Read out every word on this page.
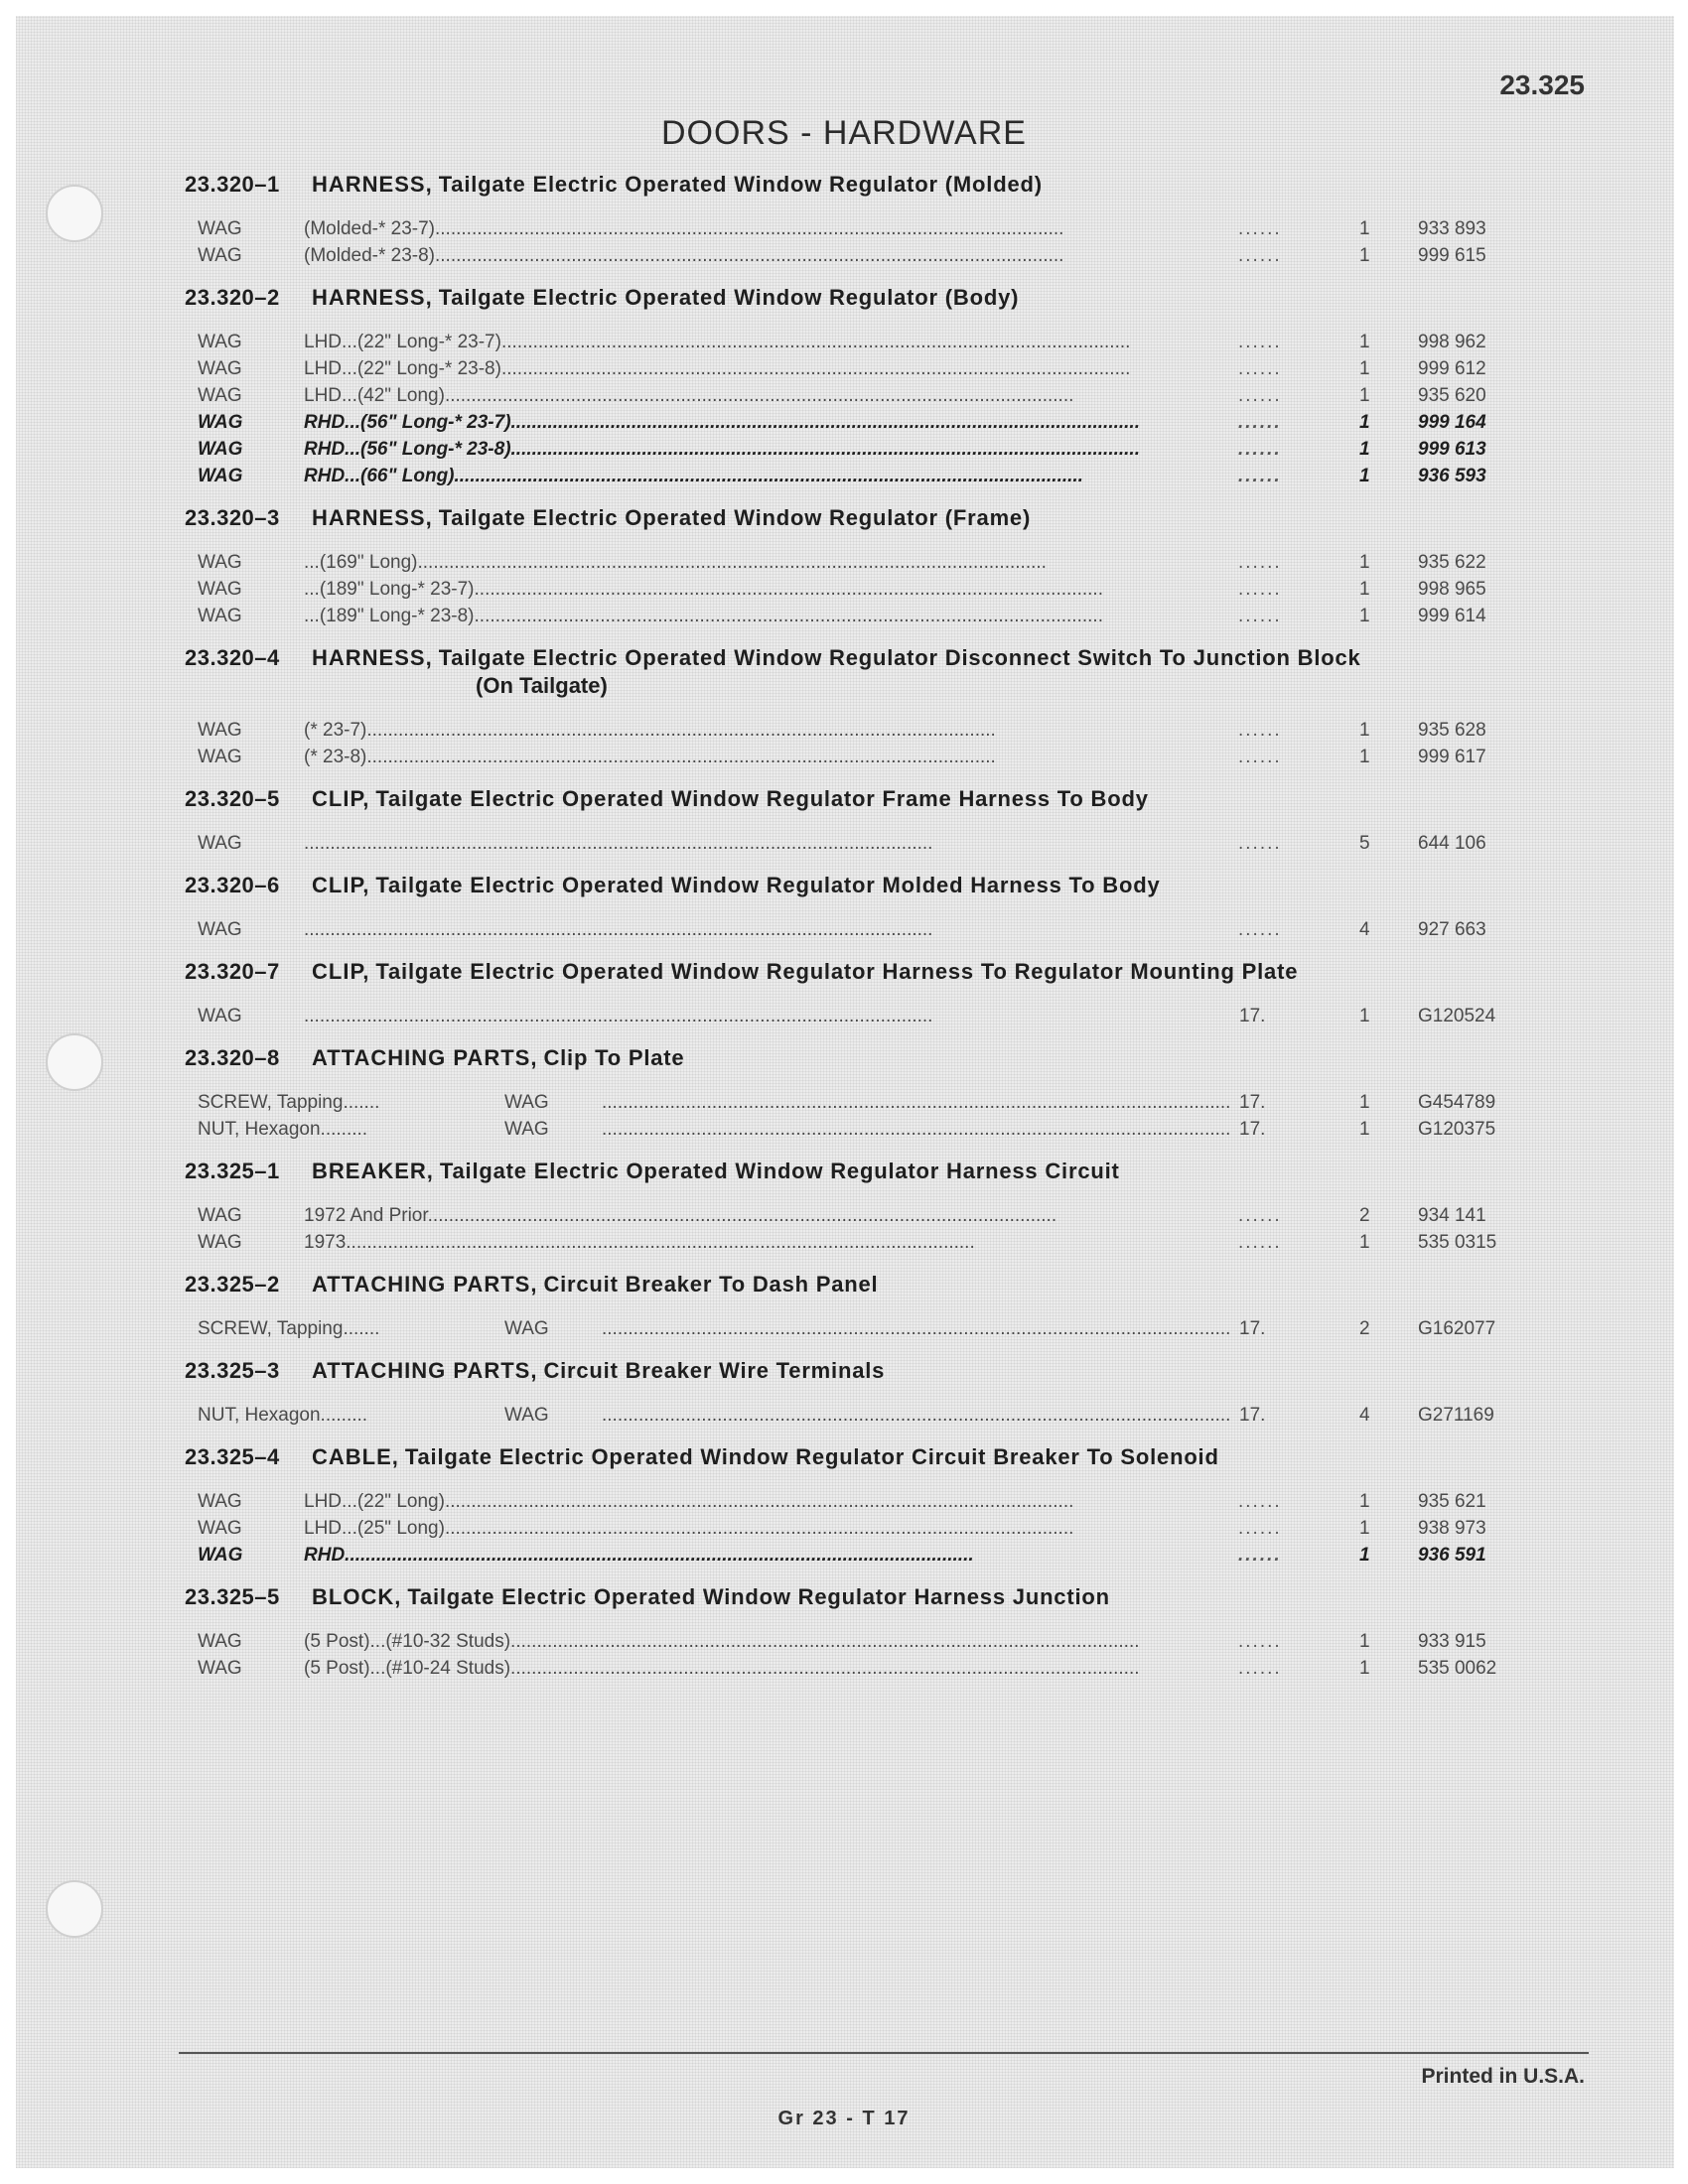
23.325
DOORS - HARDWARE
23.320–1 HARNESS, Tailgate Electric Operated Window Regulator (Molded)
WAG	(Molded-* 23-7)........................................................................................................................	......	1	933 893
WAG	(Molded-* 23-8)........................................................................................................................	......	1	999 615
23.320–2 HARNESS, Tailgate Electric Operated Window Regulator (Body)
WAG	LHD...(22" Long-* 23-7)........................................................................................................................	......	1	998 962
WAG	LHD...(22" Long-* 23-8)........................................................................................................................	......	1	999 612
WAG	LHD...(42" Long)........................................................................................................................	......	1	935 620
WAG	RHD...(56" Long-* 23-7)........................................................................................................................	......	1	999 164
WAG	RHD...(56" Long-* 23-8)........................................................................................................................	......	1	999 613
WAG	RHD...(66" Long)........................................................................................................................	......	1	936 593
23.320–3 HARNESS, Tailgate Electric Operated Window Regulator (Frame)
WAG	...(169" Long)........................................................................................................................	......	1	935 622
WAG	...(189" Long-* 23-7)........................................................................................................................	......	1	998 965
WAG	...(189" Long-* 23-8)........................................................................................................................	......	1	999 614
23.320–4 HARNESS, Tailgate Electric Operated Window Regulator Disconnect Switch To Junction Block
(On Tailgate)
WAG	(* 23-7)........................................................................................................................	......	1	935 628
WAG	(* 23-8)........................................................................................................................	......	1	999 617
23.320–5 CLIP, Tailgate Electric Operated Window Regulator Frame Harness To Body
WAG	........................................................................................................................	......	5	644 106
23.320–6 CLIP, Tailgate Electric Operated Window Regulator Molded Harness To Body
WAG	........................................................................................................................	......	4	927 663
23.320–7 CLIP, Tailgate Electric Operated Window Regulator Harness To Regulator Mounting Plate
WAG	........................................................................................................................	17.	1	G120524
23.320–8 ATTACHING PARTS, Clip To Plate
SCREW, Tapping.......	WAG	........................................................................................................................ 17.	1	G454789
NUT, Hexagon.........	WAG	........................................................................................................................ 17.	1	G120375
23.325–1 BREAKER, Tailgate Electric Operated Window Regulator Harness Circuit
WAG	1972 And Prior........................................................................................................................	......	2	934 141
WAG	1973........................................................................................................................	......	1	535 0315
23.325–2 ATTACHING PARTS, Circuit Breaker To Dash Panel
SCREW, Tapping.......	WAG	........................................................................................................................ 17.	2	G162077
23.325–3 ATTACHING PARTS, Circuit Breaker Wire Terminals
NUT, Hexagon.........	WAG	........................................................................................................................ 17.	4	G271169
23.325–4 CABLE, Tailgate Electric Operated Window Regulator Circuit Breaker To Solenoid
WAG	LHD...(22" Long)........................................................................................................................	......	1	935 621
WAG	LHD...(25" Long)........................................................................................................................	......	1	938 973
WAG	RHD........................................................................................................................	......	1	936 591
23.325–5 BLOCK, Tailgate Electric Operated Window Regulator Harness Junction
WAG	(5 Post)...(#10-32 Studs)........................................................................................................................	......	1	933 915
WAG	(5 Post)...(#10-24 Studs)........................................................................................................................	......	1	535 0062
Printed in U.S.A.
Gr 23 - T 17
